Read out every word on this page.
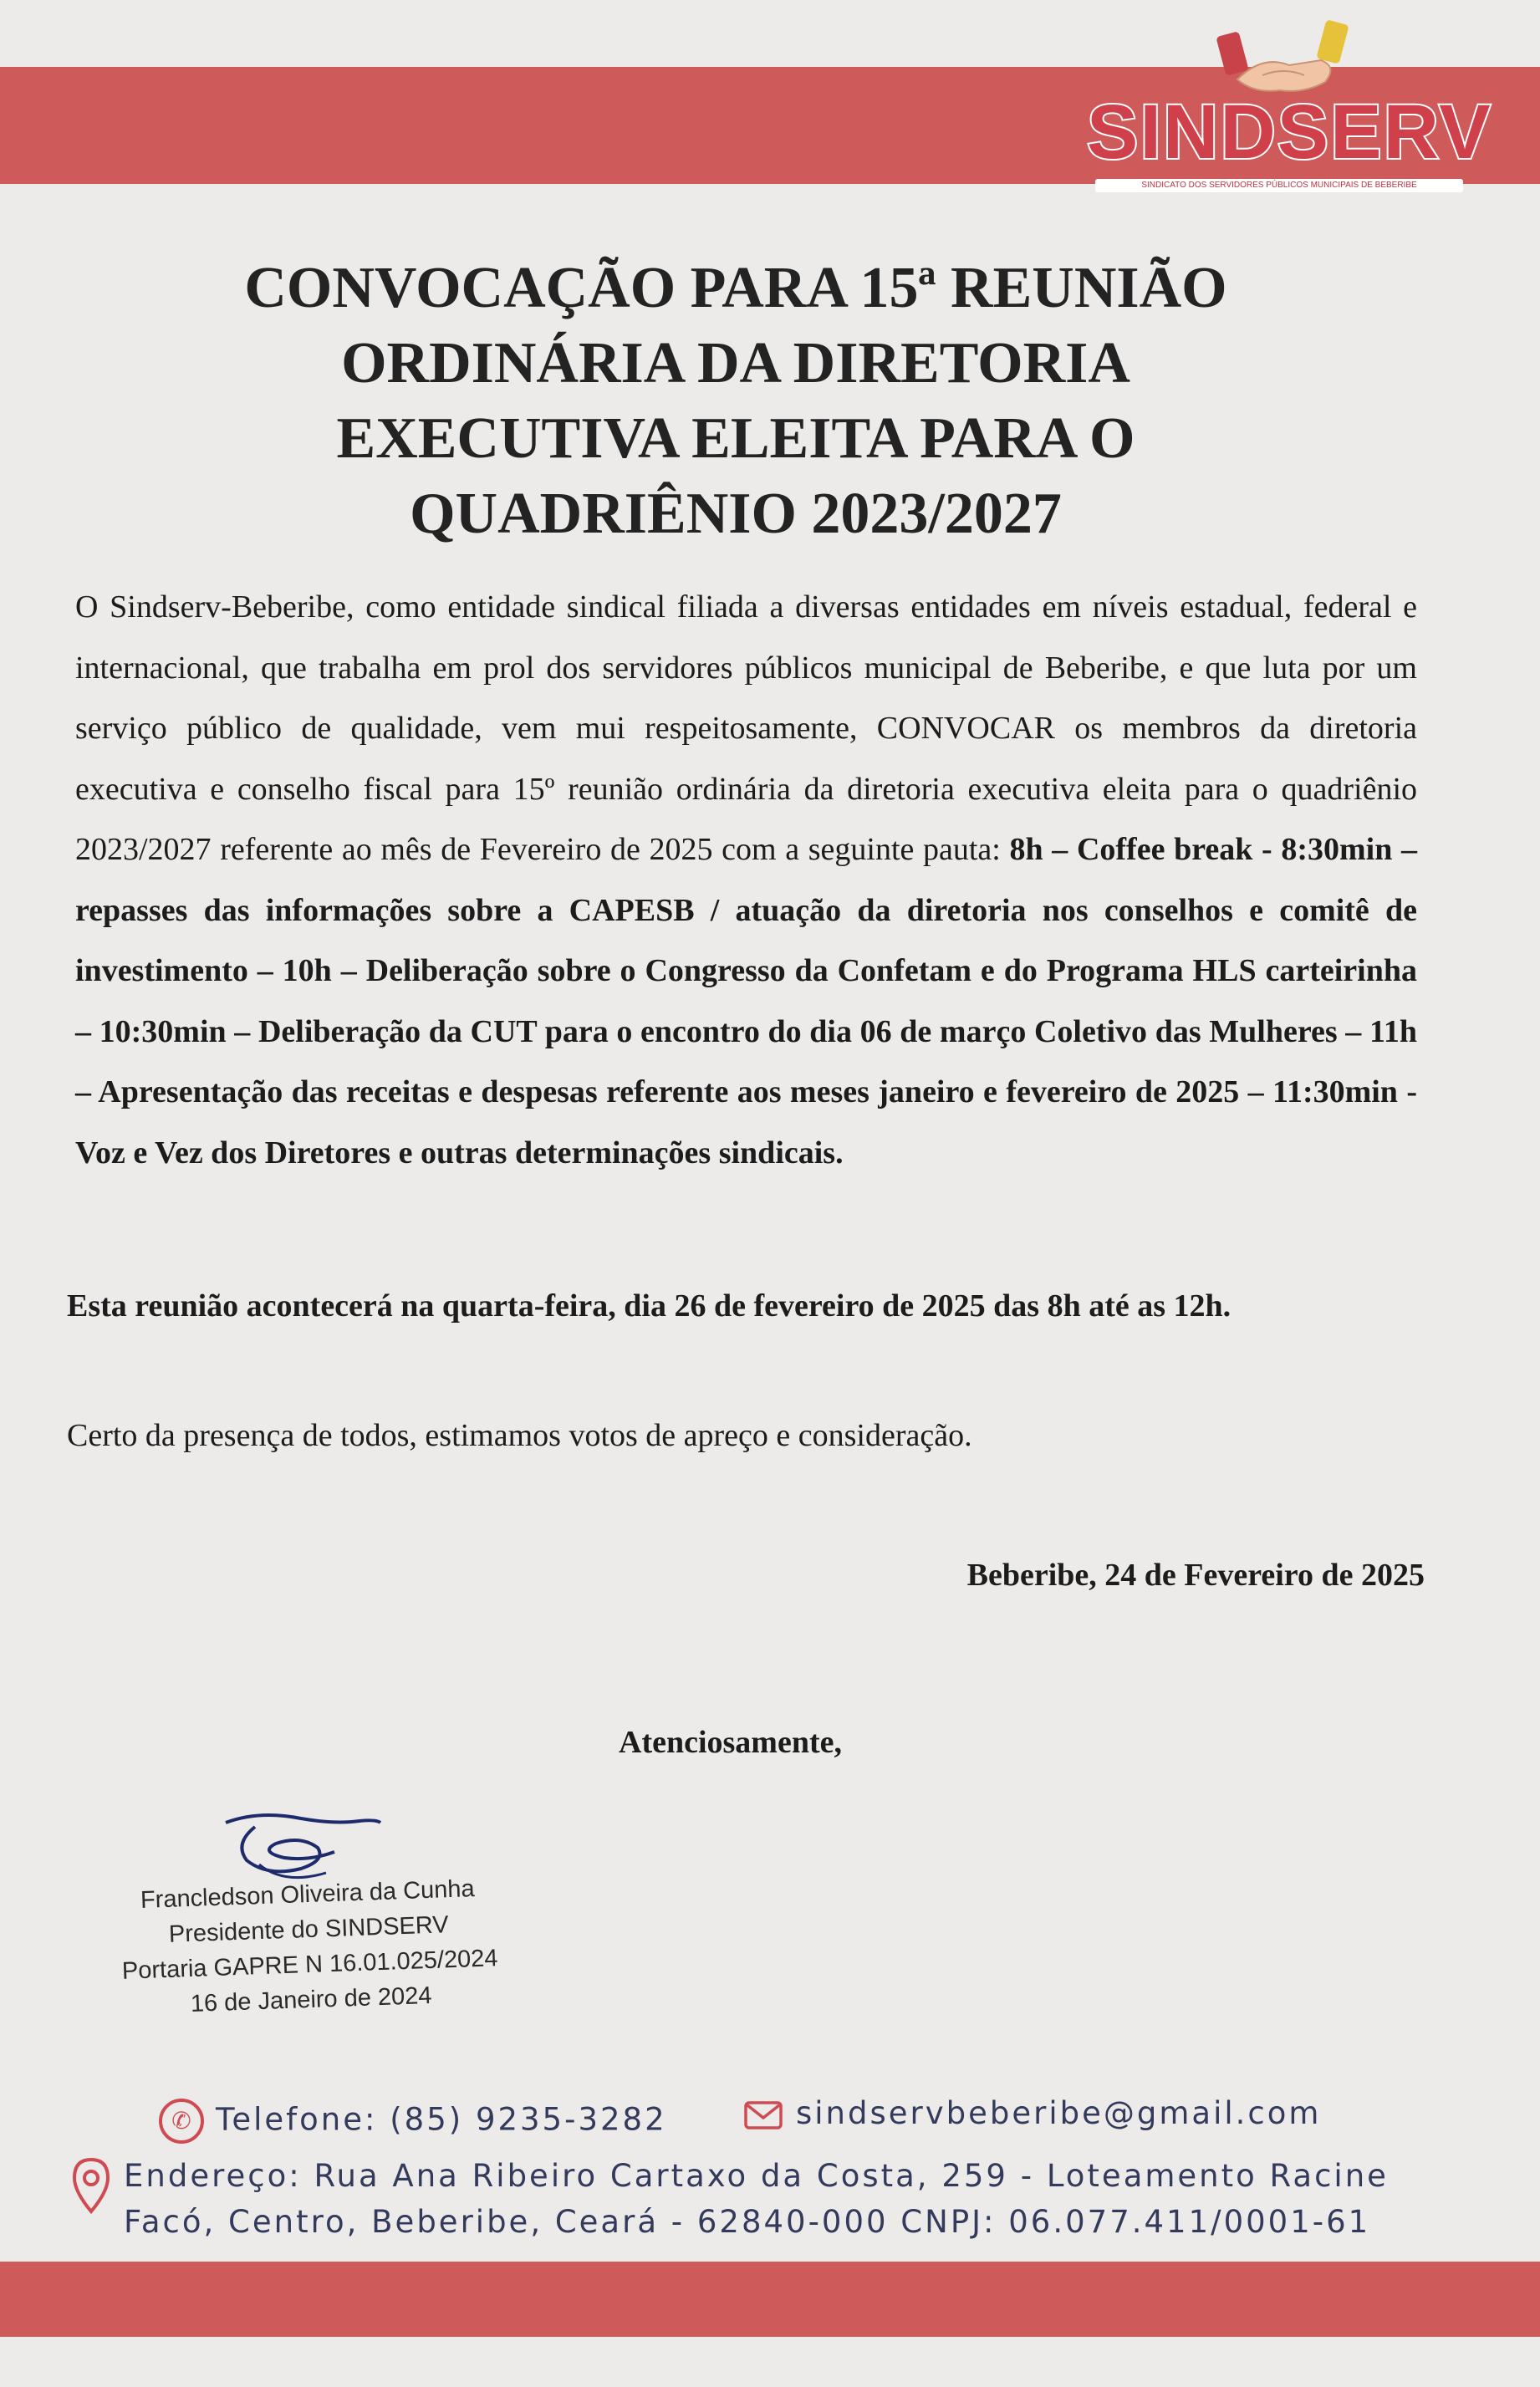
SINDSERV
SINDICATO DOS SERVIDORES PÚBLICOS MUNICIPAIS DE BEBERIBE
CONVOCAÇÃO PARA 15ª REUNIÃO
ORDINÁRIA DA DIRETORIA
EXECUTIVA ELEITA PARA O
QUADRIÊNIO 2023/2027

O Sindserv-Beberibe, como entidade sindical filiada a diversas entidades em níveis estadual, federal e internacional, que trabalha em prol dos servidores públicos municipal de Beberibe, e que luta por um serviço público de qualidade, vem mui respeitosamente, CONVOCAR os membros da diretoria executiva e conselho fiscal para 15º reunião ordinária da diretoria executiva eleita para o quadriênio 2023/2027 referente ao mês de Fevereiro de 2025 com a seguinte pauta: 8h – Coffee break - 8:30min – repasses das informações sobre a CAPESB / atuação da diretoria nos conselhos e comitê de investimento – 10h – Deliberação sobre o Congresso da Confetam e do Programa HLS carteirinha – 10:30min – Deliberação da CUT para o encontro do dia 06 de março Coletivo das Mulheres – 11h – Apresentação das receitas e despesas referente aos meses janeiro e fevereiro de 2025 – 11:30min - Voz e Vez dos Diretores e outras determinações sindicais.

Esta reunião acontecerá na quarta-feira, dia 26 de fevereiro de 2025 das 8h até as 12h.

Certo da presença de todos, estimamos votos de apreço e consideração.

Beberibe, 24 de Fevereiro de 2025

Atenciosamente,

Francledson Oliveira da Cunha
Presidente do SINDSERV
Portaria GAPRE N 16.01.025/2024
16 de Janeiro de 2024
✆ Telefone: (85) 9235-3282	sindservbeberibe@gmail.com
Endereço: Rua Ana Ribeiro Cartaxo da Costa, 259 - Loteamento Racine
Facó, Centro, Beberibe, Ceará - 62840-000 CNPJ: 06.077.411/0001-61
